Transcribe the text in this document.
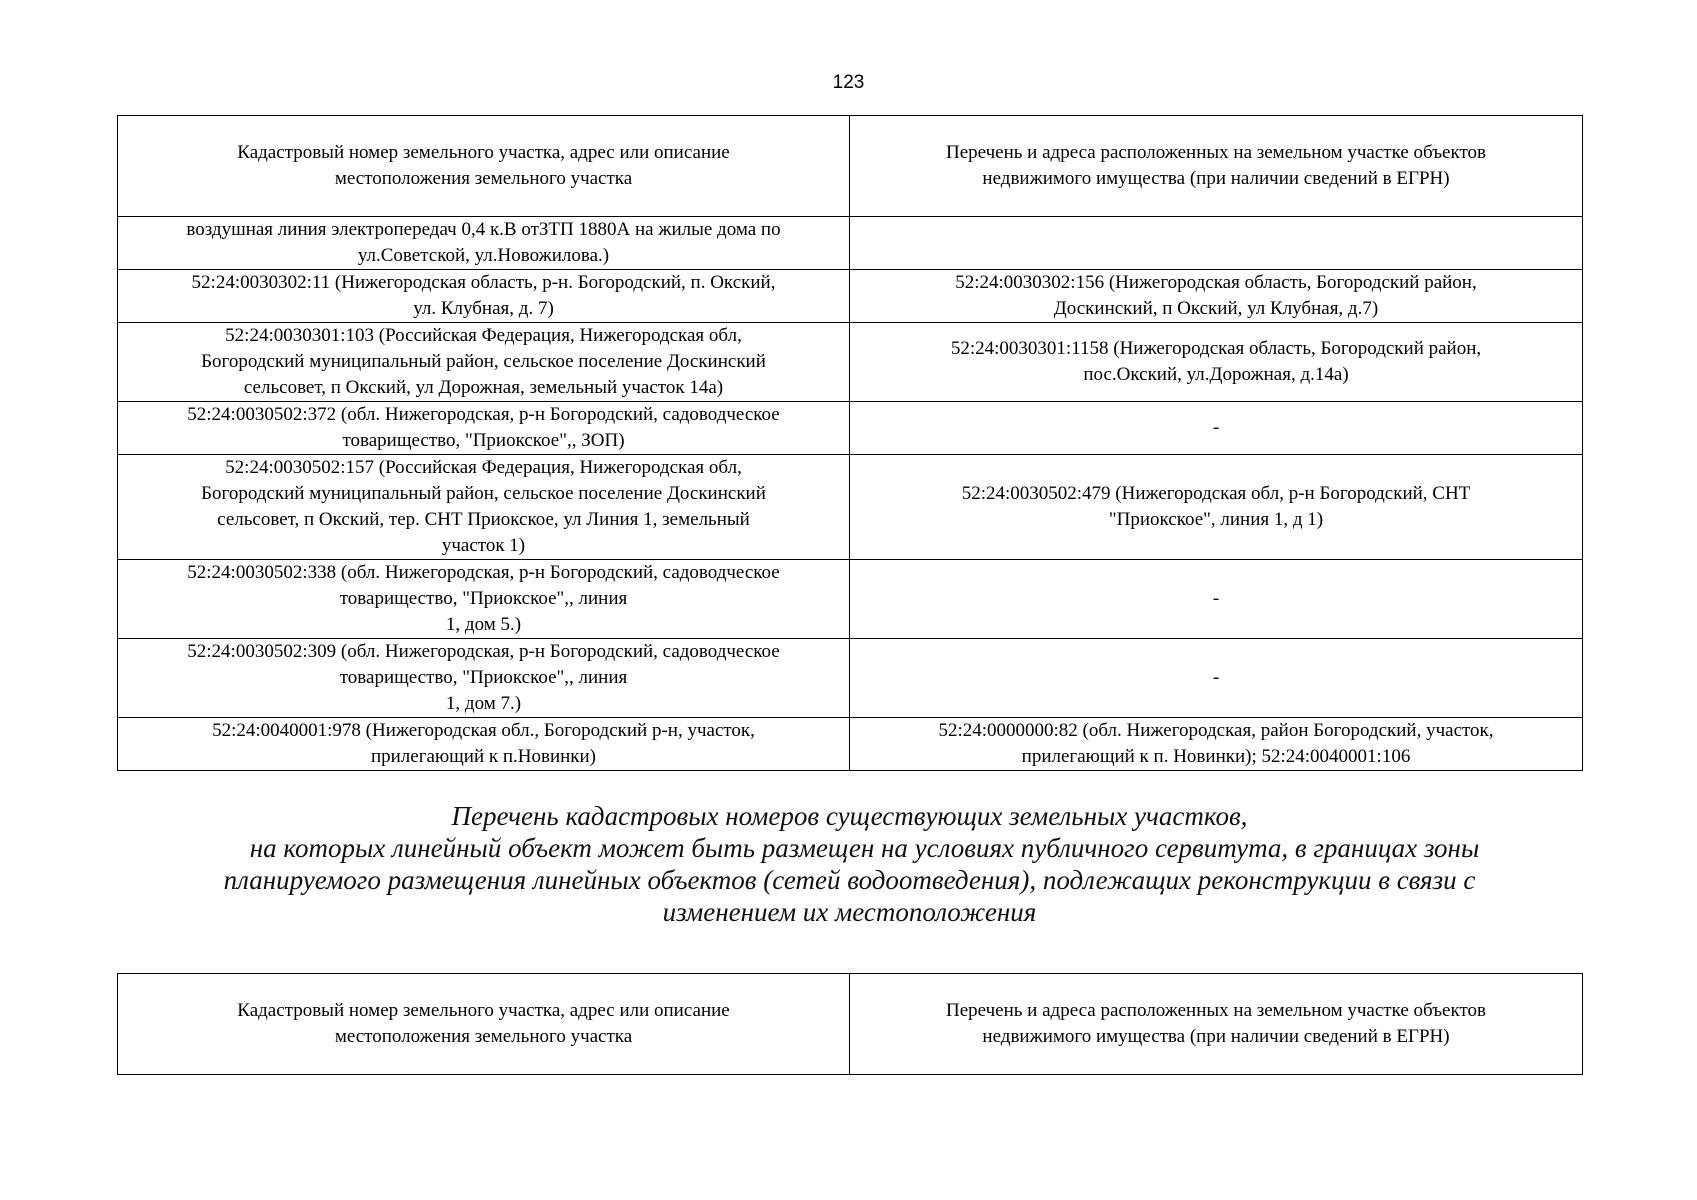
123
Кадастровый номер земельного участка, адрес или описание
местоположения земельного участка	Перечень и адреса расположенных на земельном участке объектов
недвижимого имущества (при наличии сведений в ЕГРН)
воздушная линия электропередач 0,4 к.В отЗТП 1880А на жилые дома по
ул.Советской, ул.Новожилова.)	
52:24:0030302:11 (Нижегородская область, р-н. Богородский, п. Окский,
ул. Клубная, д. 7)	52:24:0030302:156 (Нижегородская область, Богородский район,
Доскинский, п Окский, ул Клубная, д.7)
52:24:0030301:103 (Российская Федерация, Нижегородская обл,
Богородский муниципальный район, сельское поселение Доскинский
сельсовет, п Окский, ул Дорожная, земельный участок 14а)	52:24:0030301:1158 (Нижегородская область, Богородский район,
пос.Окский, ул.Дорожная, д.14а)
52:24:0030502:372 (обл. Нижегородская, р-н Богородский, садоводческое
товарищество, "Приокское",, ЗОП)	-
52:24:0030502:157 (Российская Федерация, Нижегородская обл,
Богородский муниципальный район, сельское поселение Доскинский
сельсовет, п Окский, тер. СНТ Приокское, ул Линия 1, земельный
участок 1)	52:24:0030502:479 (Нижегородская обл, р-н Богородский, СНТ
"Приокское", линия 1, д 1)
52:24:0030502:338 (обл. Нижегородская, р-н Богородский, садоводческое
товарищество, "Приокское",, линия
1, дом 5.)	-
52:24:0030502:309 (обл. Нижегородская, р-н Богородский, садоводческое
товарищество, "Приокское",, линия
1, дом 7.)	-
52:24:0040001:978 (Нижегородская обл., Богородский р-н, участок,
прилегающий к п.Новинки)	52:24:0000000:82 (обл. Нижегородская, район Богородский, участок,
прилегающий к п. Новинки); 52:24:0040001:106
Перечень кадастровых номеров существующих земельных участков,
на которых линейный объект может быть размещен на условиях публичного сервитута, в границах зоны
планируемого размещения линейных объектов (сетей водоотведения), подлежащих реконструкции в связи с
изменением их местоположения
Кадастровый номер земельного участка, адрес или описание
местоположения земельного участка	Перечень и адреса расположенных на земельном участке объектов
недвижимого имущества (при наличии сведений в ЕГРН)
